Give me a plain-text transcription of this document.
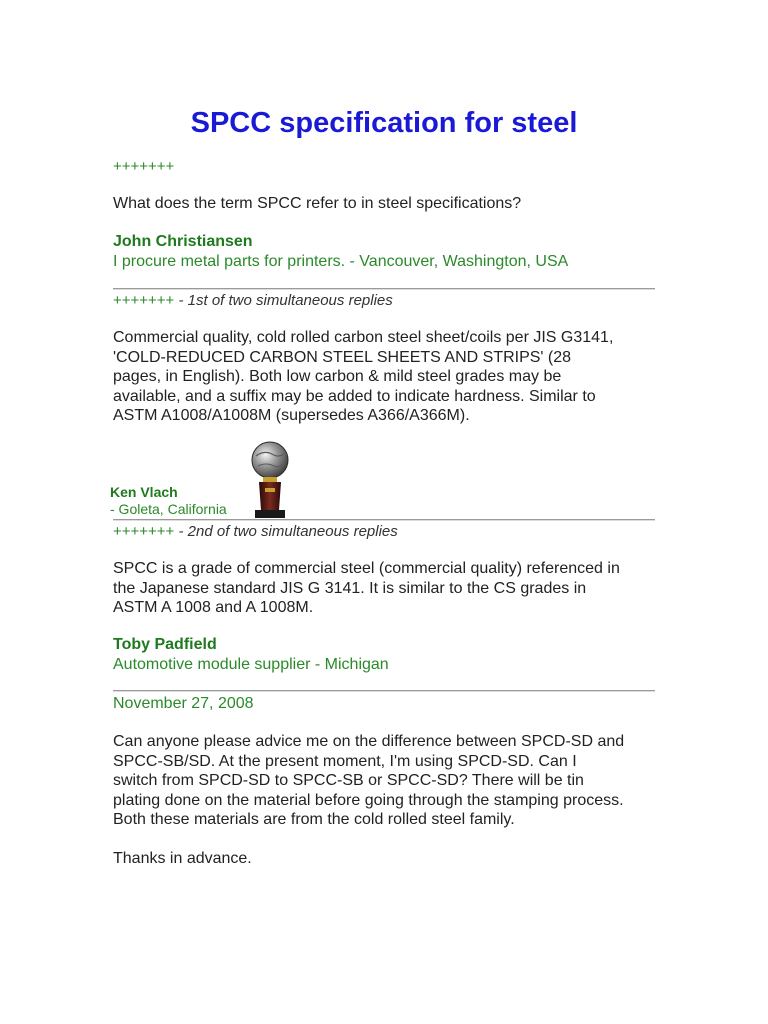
SPCC specification for steel
+++++++
What does the term SPCC refer to in steel specifications?
John Christiansen
I procure metal parts for printers. - Vancouver, Washington, USA
+++++++ - 1st of two simultaneous replies
Commercial quality, cold rolled carbon steel sheet/coils per JIS G3141,
'COLD-REDUCED CARBON STEEL SHEETS AND STRIPS' (28
pages, in English). Both low carbon & mild steel grades may be
available, and a suffix may be added to indicate hardness. Similar to
ASTM A1008/A1008M (supersedes A366/A366M).
Ken Vlach
- Goleta, California
+++++++ - 2nd of two simultaneous replies
SPCC is a grade of commercial steel (commercial quality) referenced in
the Japanese standard JIS G 3141. It is similar to the CS grades in
ASTM A 1008 and A 1008M.
Toby Padfield
Automotive module supplier - Michigan
November 27, 2008
Can anyone please advice me on the difference between SPCD-SD and
SPCC-SB/SD. At the present moment, I'm using SPCD-SD. Can I
switch from SPCD-SD to SPCC-SB or SPCC-SD? There will be tin
plating done on the material before going through the stamping process.
Both these materials are from the cold rolled steel family.
Thanks in advance.
